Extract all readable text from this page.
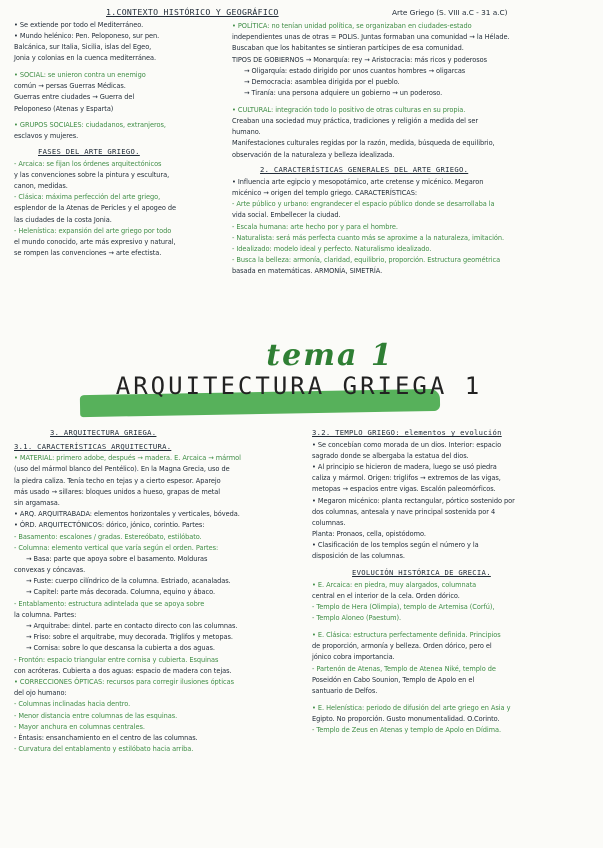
1.CONTEXTO HISTÓRICO Y GEOGRÁFICO

• Se extiende por todo el Mediterráneo.

• Mundo helénico: Pen. Peloponeso, sur pen.

Balcánica, sur Italia, Sicilia, islas del Egeo,

Jonia y colonias en la cuenca mediterránea.

• SOCIAL: se unieron contra un enemigo

común → persas Guerras Médicas.

Guerras entre ciudades → Guerra del

Peloponeso (Atenas y Esparta)

• GRUPOS SOCIALES: ciudadanos, extranjeros,

esclavos y mujeres.

FASES DEL ARTE GRIEGO.

- Arcaica: se fijan los órdenes arquitectónicos

y las convenciones sobre la pintura y escultura,

canon, medidas.

- Clásica: máxima perfección del arte griego,

esplendor de la Atenas de Pericles y el apogeo de

las ciudades de la costa Jonia.

- Helenística: expansión del arte griego por todo

el mundo conocido, arte más expresivo y natural,

se rompen las convenciones → arte efectista.

Arte Griego (S. VIII a.C - 31 a.C)

• POLÍTICA: no tenían unidad política, se organizaban en ciudades-estado

independientes unas de otras = POLIS. Juntas formaban una comunidad → la Hélade.

Buscaban que los habitantes se sintieran partícipes de esa comunidad.

TIPOS DE GOBIERNOS → Monarquía: rey → Aristocracia: más ricos y poderosos

→ Oligarquía: estado dirigido por unos cuantos hombres → oligarcas

→ Democracia: asamblea dirigida por el pueblo.

→ Tiranía: una persona adquiere un gobierno → un poderoso.

• CULTURAL: integración todo lo positivo de otras culturas en su propia.

Creaban una sociedad muy práctica, tradiciones y religión a medida del ser

humano.

Manifestaciones culturales regidas por la razón, medida, búsqueda de equilibrio,

observación de la naturaleza y belleza idealizada.

2. CARACTERÍSTICAS GENERALES DEL ARTE GRIEGO.

• Influencia arte egipcio y mesopotámico, arte cretense y micénico. Megaron

micénico → origen del templo griego. CARACTERÍSTICAS:

- Arte público y urbano: engrandecer el espacio público donde se desarrollaba la

vida social. Embellecer la ciudad.

- Escala humana: arte hecho por y para el hombre.

- Naturalista: será más perfecta cuanto más se aproxime a la naturaleza, imitación.

- Idealizado: modelo ideal y perfecto. Naturalismo idealizado.

- Busca la belleza: armonía, claridad, equilibrio, proporción. Estructura geométrica

basada en matemáticas. ARMONÍA, SIMETRÍA.

tema 1
ARQUITECTURA GRIEGA 1
3. ARQUITECTURA GRIEGA.
3.1. CARACTERÍSTICAS ARQUITECTURA.

• MATERIAL: primero adobe, después → madera. E. Arcaica → mármol

(uso del mármol blanco del Pentélico). En la Magna Grecia, uso de

la piedra caliza. Tenía techo en tejas y a cierto espesor. Aparejo

más usado → sillares: bloques unidos a hueso, grapas de metal

sin argamasa.

• ARQ. ARQUITRABADA: elementos horizontales y verticales, bóveda.

• ÓRD. ARQUITECTÓNICOS: dórico, jónico, corintio. Partes:

- Basamento: escalones / gradas. Estereóbato, estilóbato.

- Columna: elemento vertical que varía según el orden. Partes:

→ Basa: parte que apoya sobre el basamento. Molduras

convexas y cóncavas.

→ Fuste: cuerpo cilíndrico de la columna. Estriado, acanaladas.

→ Capitel: parte más decorada. Columna, equino y ábaco.

- Entablamento: estructura adintelada que se apoya sobre

la columna. Partes:

→ Arquitrabe: dintel. parte en contacto directo con las columnas.

→ Friso: sobre el arquitrabe, muy decorada. Triglifos y metopas.

→ Cornisa: sobre lo que descansa la cubierta a dos aguas.

- Frontón: espacio triangular entre cornisa y cubierta. Esquinas

con acróteras. Cubierta a dos aguas: espacio de madera con tejas.

• CORRECCIONES ÓPTICAS: recursos para corregir ilusiones ópticas

del ojo humano:

- Columnas inclinadas hacia dentro.

- Menor distancia entre columnas de las esquinas.

- Mayor anchura en columnas centrales.

- Éntasis: ensanchamiento en el centro de las columnas.

- Curvatura del entablamento y estilóbato hacia arriba.

3.2. TEMPLO GRIEGO: elementos y evolución

• Se concebían como morada de un dios. Interior: espacio

sagrado donde se albergaba la estatua del dios.

• Al principio se hicieron de madera, luego se usó piedra

caliza y mármol. Origen: triglifos → extremos de las vigas,

metopas → espacios entre vigas. Escalón paleomórficos.

• Megaron micénico: planta rectangular, pórtico sostenido por

dos columnas, antesala y nave principal sostenida por 4

columnas.

Planta: Pronaos, cella, opistódomo.

• Clasificación de los templos según el número y la

disposición de las columnas.

EVOLUCIÓN HISTÓRICA DE GRECIA.

• E. Arcaica: en piedra, muy alargados, columnata

central en el interior de la cela. Orden dórico.

- Templo de Hera (Olimpia), templo de Artemisa (Corfú),

- Templo Aloneo (Paestum).

• E. Clásica: estructura perfectamente definida. Principios

de proporción, armonía y belleza. Orden dórico, pero el

jónico cobra importancia.

- Partenón de Atenas, Templo de Atenea Niké, templo de

Poseidón en Cabo Sounion, Templo de Apolo en el

santuario de Delfos.

• E. Helenística: periodo de difusión del arte griego en Asia y

Egipto. No proporción. Gusto monumentalidad. O.Corinto.

- Templo de Zeus en Atenas y templo de Apolo en Dídima.
